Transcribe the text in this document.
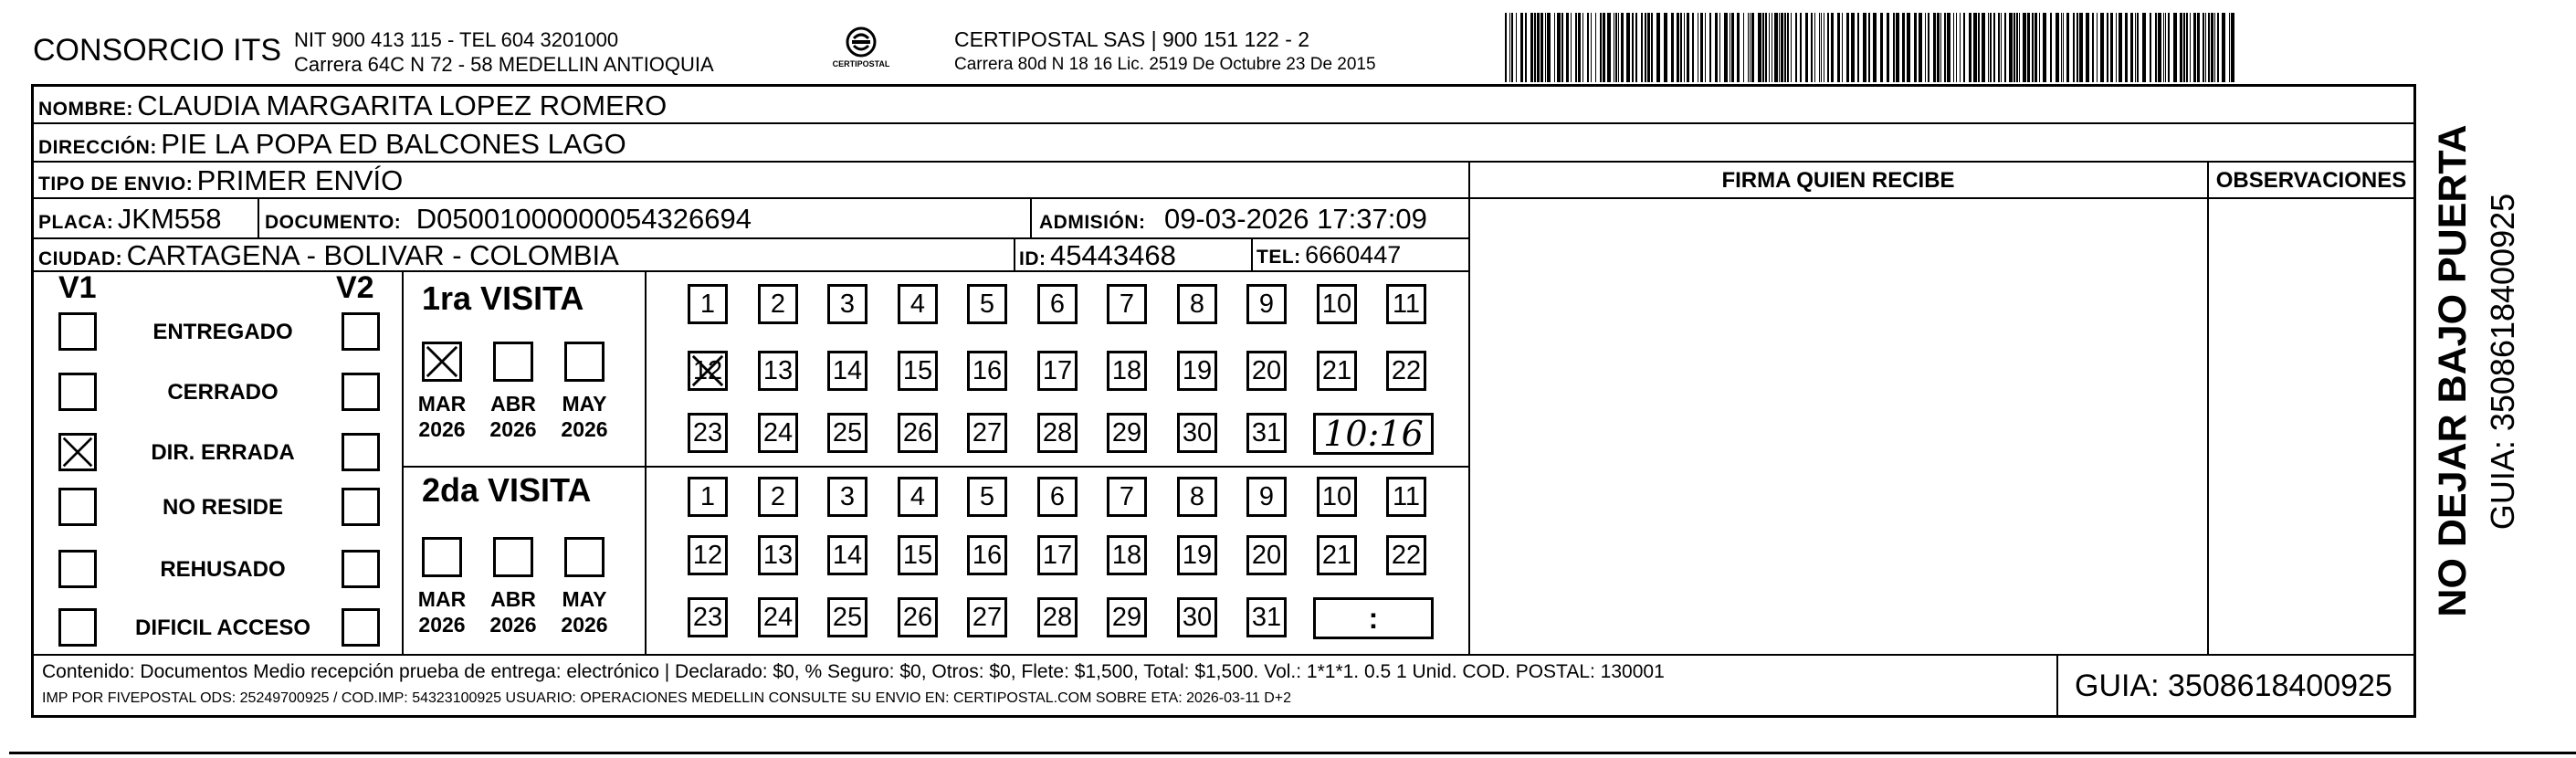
CONSORCIO ITS NIT 900 413 115 - TEL 604 3201000
Carrera 64C N 72 - 58 MEDELLIN ANTIOQUIA	CERTIPOSTAL
CERTIPOSTAL SAS | 900 151 122 - 2
Carrera 80d N 18 16 Lic. 2519 De Octubre 23 De 2015
NOMBRE: CLAUDIA MARGARITA LOPEZ ROMERO
DIRECCIÓN: PIE LA POPA ED BALCONES LAGO
TIPO DE ENVIO: PRIMER ENVÍO	FIRMA QUIEN RECIBE	OBSERVACIONES
PLACA: JKM558 DOCUMENTO: D05001000000054326694	ADMISIÓN: 09-03-2026 17:37:09
CIUDAD: CARTAGENA - BOLIVAR - COLOMBIA	ID: 45443468	TEL: 6660447
V1	V2
ENTREGADO
CERRADO
DIR. ERRADA
NO RESIDE
REHUSADO
DIFICIL ACCESO
1ra VISITA
MAR
2026
ABR
2026
MAY
2026
1	2	3	4	5	6	7	8	9	10 11
12 13 14 15 16 17 18 19 20 21 22
23 24 25 26 27 28 29 30 31 10:16
2da VISITA
MAR
2026
ABR
2026
MAY
2026
1	2	3	4	5	6	7	8	9	10 11
12 13 14 15 16 17 18 19 20 21 22
23 24 25 26 27 28 29 30 31	:
Contenido: Documentos Medio recepción prueba de entrega: electrónico | Declarado: $0, % Seguro: $0, Otros: $0, Flete: $1,500, Total: $1,500. Vol.: 1*1*1. 0.5 1 Unid. COD. POSTAL: 130001
IMP POR FIVEPOSTAL ODS: 25249700925 / COD.IMP: 54323100925 USUARIO: OPERACIONES MEDELLIN CONSULTE SU ENVIO EN: CERTIPOSTAL.COM SOBRE ETA: 2026-03-11 D+2	GUIA: 3508618400925
NO DEJAR BAJO PUERTA GUIA: 3508618400925
